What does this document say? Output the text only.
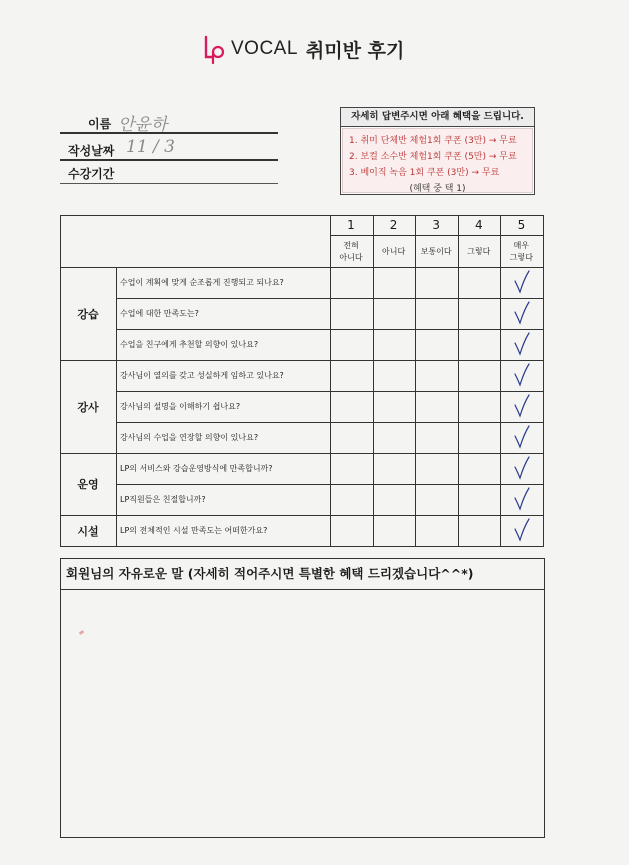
VOCAL 취미반 후기
이름 안윤하
작성날짜 11 / 3
수강기간
자세히 답변주시면 아래 혜택을 드립니다.
1. 취미 단체반 체험1회 쿠폰 (3만) → 무료
2. 보컬 소수반 체험1회 쿠폰 (5만) → 무료
3. 베이직 녹음 1회 쿠폰 (3만) → 무료
(혜택 중 택 1)
1
전혀
아니다
2
아니다
3
보통이다
4
그렇다
5
매우
그렇다
강습
수업이 계획에 맞게 순조롭게 진행되고 되나요?
수업에 대한 만족도는?
수업을 친구에게 추천할 의향이 있나요?
강사
강사님이 열의를 갖고 성실하게 임하고 있나요?
강사님의 설명을 이해하기 쉽나요?
강사님의 수업을 연장할 의향이 있나요?
운영
LP의 서비스와 강습운영방식에 만족합니까?
LP직원들은 친절합니까?
시설	LP의 전체적인 시설 만족도는 어떠한가요?
회원님의 자유로운 말 (자세히 적어주시면 특별한 혜택 드리겠습니다^^*)
